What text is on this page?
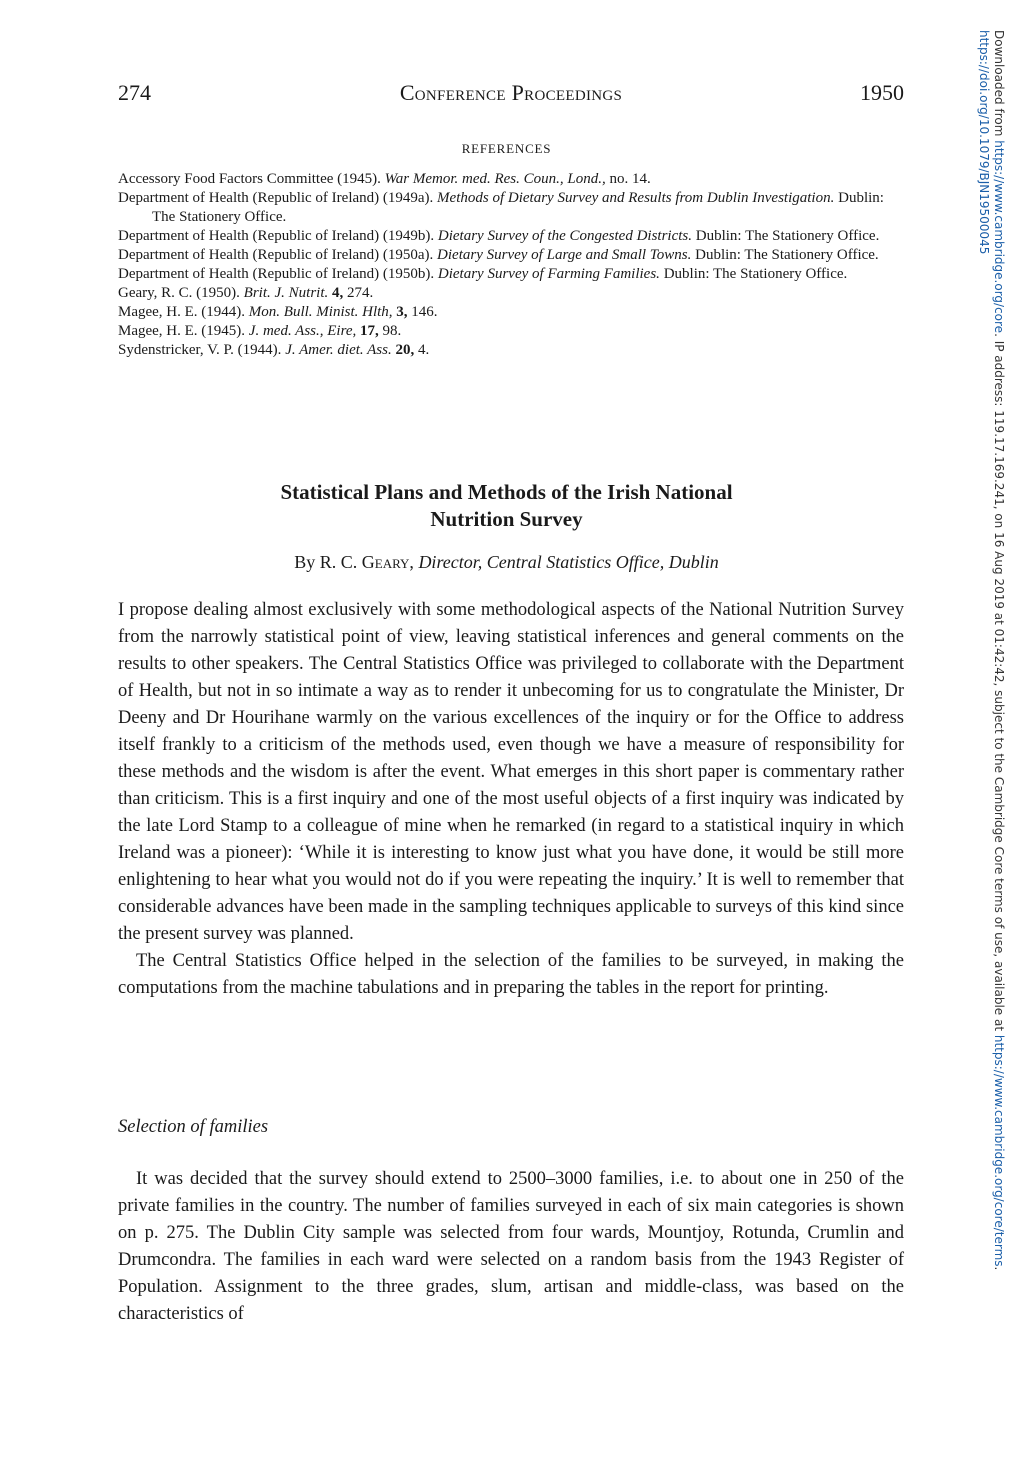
274	Conference Proceedings	1950
REFERENCES

Accessory Food Factors Committee (1945). War Memor. med. Res. Coun., Lond., no. 14.

Department of Health (Republic of Ireland) (1949a). Methods of Dietary Survey and Results from Dublin Investigation. Dublin: The Stationery Office.

Department of Health (Republic of Ireland) (1949b). Dietary Survey of the Congested Districts. Dublin: The Stationery Office.

Department of Health (Republic of Ireland) (1950a). Dietary Survey of Large and Small Towns. Dublin: The Stationery Office.

Department of Health (Republic of Ireland) (1950b). Dietary Survey of Farming Families. Dublin: The Stationery Office.

Geary, R. C. (1950). Brit. J. Nutrit. 4, 274.

Magee, H. E. (1944). Mon. Bull. Minist. Hlth, 3, 146.

Magee, H. E. (1945). J. med. Ass., Eire, 17, 98.

Sydenstricker, V. P. (1944). J. Amer. diet. Ass. 20, 4.

Statistical Plans and Methods of the Irish National
Nutrition Survey
By R. C. Geary, Director, Central Statistics Office, Dublin

I propose dealing almost exclusively with some methodological aspects of the National Nutrition Survey from the narrowly statistical point of view, leaving statistical inferences and general comments on the results to other speakers. The Central Statistics Office was privileged to collaborate with the Department of Health, but not in so intimate a way as to render it unbecoming for us to congratulate the Minister, Dr Deeny and Dr Hourihane warmly on the various excellences of the inquiry or for the Office to address itself frankly to a criticism of the methods used, even though we have a measure of responsibility for these methods and the wisdom is after the event. What emerges in this short paper is commentary rather than criticism. This is a first inquiry and one of the most useful objects of a first inquiry was indicated by the late Lord Stamp to a colleague of mine when he remarked (in regard to a statistical inquiry in which Ireland was a pioneer): ‘While it is interesting to know just what you have done, it would be still more enlightening to hear what you would not do if you were repeating the inquiry.’ It is well to remember that considerable advances have been made in the sampling techniques applicable to surveys of this kind since the present survey was planned.

The Central Statistics Office helped in the selection of the families to be surveyed, in making the computations from the machine tabulations and in preparing the tables in the report for printing.

Selection of families

It was decided that the survey should extend to 2500–3000 families, i.e. to about one in 250 of the private families in the country. The number of families surveyed in each of six main categories is shown on p. 275. The Dublin City sample was selected from four wards, Mountjoy, Rotunda, Crumlin and Drumcondra. The families in each ward were selected on a random basis from the 1943 Register of Population. Assignment to the three grades, slum, artisan and middle-class, was based on the characteristics of

Downloaded from https://www.cambridge.org/core. IP address: 119.17.169.241, on 16 Aug 2019 at 01:42:42, subject to the Cambridge Core terms of use, available at https://www.cambridge.org/core/terms.
https://doi.org/10.1079/BJN19500045
